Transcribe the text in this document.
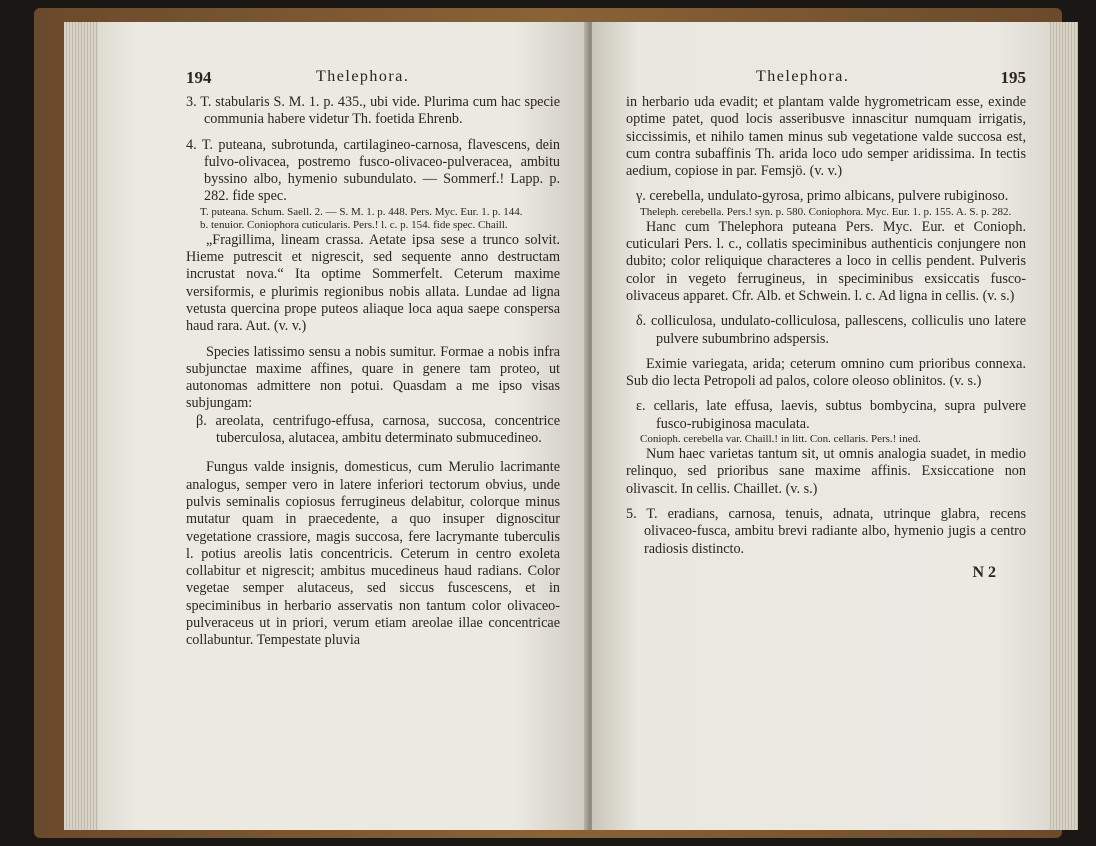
194	Thelephora.

3. T. stabularis S. M. 1. p. 435., ubi vide. Plurima cum hac specie communia habere videtur Th. foetida Ehrenb.

4. T. puteana, subrotunda, cartilagineo-carnosa, flavescens, dein fulvo-olivacea, postremo fusco-olivaceo-pulveracea, ambitu byssino albo, hymenio subundulato. — Sommerf.! Lapp. p. 282. fide spec.

T. puteana. Schum. Saell. 2. — S. M. 1. p. 448. Pers. Myc. Eur. 1. p. 144.

b. tenuior. Coniophora cuticularis. Pers.! l. c. p. 154. fide spec. Chaill.

„Fragillima, lineam crassa. Aetate ipsa sese a trunco solvit. Hieme putrescit et nigrescit, sed sequente anno destructam incrustat nova.“ Ita optime Sommerfelt. Ceterum maxime versiformis, e plurimis regionibus nobis allata. Lundae ad ligna vetusta quercina prope puteos aliaque loca aqua saepe conspersa haud rara. Aut. (v. v.)

Species latissimo sensu a nobis sumitur. Formae a nobis infra subjunctae maxime affines, quare in genere tam proteo, ut autonomas admittere non potui. Quasdam a me ipso visas subjungam:

β. areolata, centrifugo-effusa, carnosa, succosa, concentrice tuberculosa, alutacea, ambitu determinato submucedineo.

Fungus valde insignis, domesticus, cum Merulio lacrimante analogus, semper vero in latere inferiori tectorum obvius, unde pulvis seminalis copiosus ferrugineus delabitur, colorque minus mutatur quam in praecedente, a quo insuper dignoscitur vegetatione crassiore, magis succosa, fere lacrymante tuberculis l. potius areolis latis concentricis. Ceterum in centro exoleta collabitur et nigrescit; ambitus mucedineus haud radians. Color vegetae semper alutaceus, sed siccus fuscescens, et in speciminibus in herbario asservatis non tantum color olivaceo-pulveraceus ut in priori, verum etiam areolae illae concentricae collabuntur. Tempestate pluvia

Thelephora.	195

in herbario uda evadit; et plantam valde hygrometricam esse, exinde optime patet, quod locis asseribusve innascitur numquam irrigatis, siccissimis, et nihilo tamen minus sub vegetatione valde succosa est, cum contra subaffinis Th. arida loco udo semper aridissima. In tectis aedium, copiose in par. Femsjö. (v. v.)

γ. cerebella, undulato-gyrosa, primo albicans, pulvere rubiginoso.

Theleph. cerebella. Pers.! syn. p. 580. Coniophora. Myc. Eur. 1. p. 155. A. S. p. 282.

Hanc cum Thelephora puteana Pers. Myc. Eur. et Conioph. cuticulari Pers. l. c., collatis speciminibus authenticis conjungere non dubito; color reliquique characteres a loco in cellis pendent. Pulveris color in vegeto ferrugineus, in speciminibus exsiccatis fusco-olivaceus apparet. Cfr. Alb. et Schwein. l. c. Ad ligna in cellis. (v. s.)

δ. colliculosa, undulato-colliculosa, pallescens, colliculis uno latere pulvere subumbrino adspersis.

Eximie variegata, arida; ceterum omnino cum prioribus connexa. Sub dio lecta Petropoli ad palos, colore oleoso oblinitos. (v. s.)

ε. cellaris, late effusa, laevis, subtus bombycina, supra pulvere fusco-rubiginosa maculata.

Conioph. cerebella var. Chaill.! in litt. Con. cellaris. Pers.! ined.

Num haec varietas tantum sit, ut omnis analogia suadet, in medio relinquo, sed prioribus sane maxime affinis. Exsiccatione non olivascit. In cellis. Chaillet. (v. s.)

5. T. eradians, carnosa, tenuis, adnata, utrinque glabra, recens olivaceo-fusca, ambitu brevi radiante albo, hymenio jugis a centro radiosis distincto.

N 2
